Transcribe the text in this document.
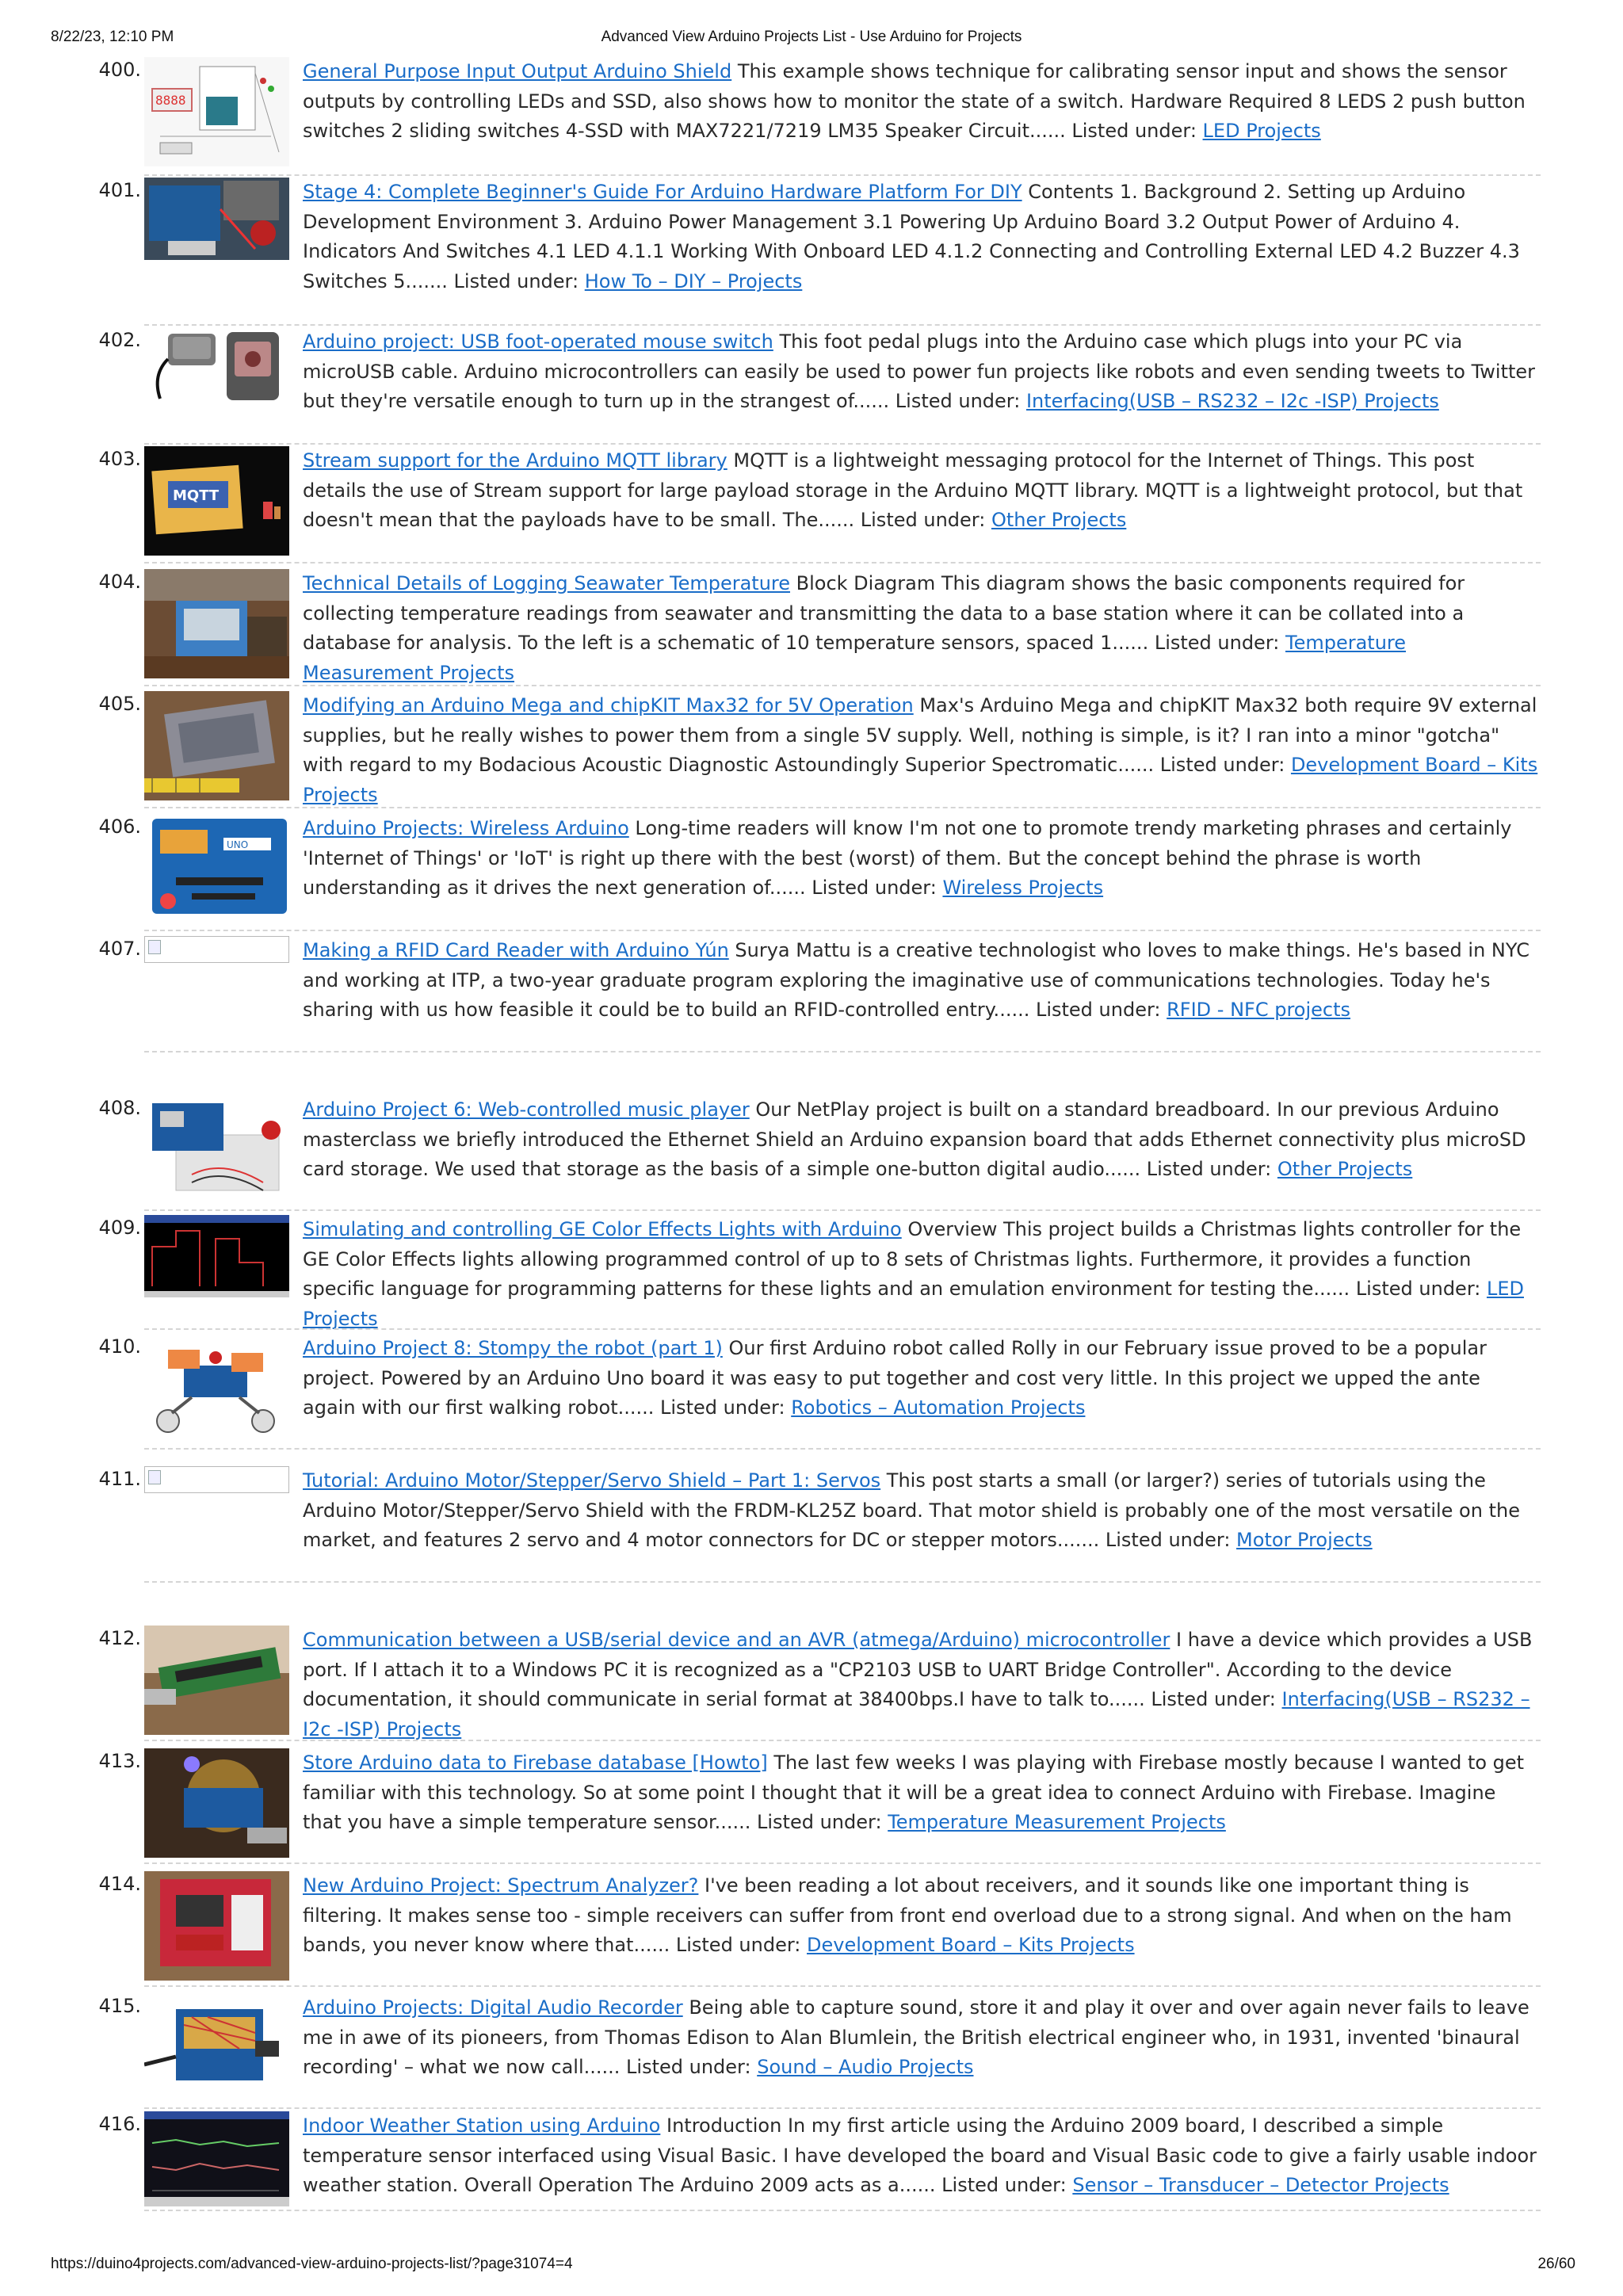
8/22/23, 12:10 PM	Advanced View Arduino Projects List - Use Arduino for Projects
400.
8888
General Purpose Input Output Arduino Shield This example shows technique for calibrating sensor input and shows the sensor outputs by controlling LEDs and SSD, also shows how to monitor the state of a switch. Hardware Required 8 LEDS 2 push button switches 2 sliding switches 4-SSD with MAX7221/7219 LM35 Speaker Circuit...... Listed under: LED Projects
401.	Stage 4: Complete Beginner's Guide For Arduino Hardware Platform For DIY Contents 1. Background 2. Setting up Arduino Development Environment 3. Arduino Power Management 3.1 Powering Up Arduino Board 3.2 Output Power of Arduino 4. Indicators And Switches 4.1 LED 4.1.1 Working With Onboard LED 4.1.2 Connecting and Controlling External LED 4.2 Buzzer 4.3 Switches 5....... Listed under: How To – DIY – Projects
402.	Arduino project: USB foot-operated mouse switch This foot pedal plugs into the Arduino case which plugs into your PC via microUSB cable. Arduino microcontrollers can easily be used to power fun projects like robots and even sending tweets to Twitter but they're versatile enough to turn up in the strangest of...... Listed under: Interfacing(USB – RS232 – I2c -ISP) Projects
403.
MQTT
Stream support for the Arduino MQTT library MQTT is a lightweight messaging protocol for the Internet of Things. This post details the use of Stream support for large payload storage in the Arduino MQTT library. MQTT is a lightweight protocol, but that doesn't mean that the payloads have to be small. The...... Listed under: Other Projects
404.	Technical Details of Logging Seawater Temperature Block Diagram This diagram shows the basic components required for collecting temperature readings from seawater and transmitting the data to a base station where it can be collated into a database for analysis. To the left is a schematic of 10 temperature sensors, spaced 1...... Listed under: Temperature Measurement Projects
405.	Modifying an Arduino Mega and chipKIT Max32 for 5V Operation Max's Arduino Mega and chipKIT Max32 both require 9V external supplies, but he really wishes to power them from a single 5V supply. Well, nothing is simple, is it? I ran into a minor "gotcha" with regard to my Bodacious Acoustic Diagnostic Astoundingly Superior Spectromatic...... Listed under: Development Board – Kits Projects
406.
UNO
Arduino Projects: Wireless Arduino Long-time readers will know I'm not one to promote trendy marketing phrases and certainly 'Internet of Things' or 'IoT' is right up there with the best (worst) of them. But the concept behind the phrase is worth understanding as it drives the next generation of...... Listed under: Wireless Projects
407.	Making a RFID Card Reader with Arduino Yún Surya Mattu is a creative technologist who loves to make things. He's based in NYC and working at ITP, a two-year graduate program exploring the imaginative use of communications technologies. Today he's sharing with us how feasible it could be to build an RFID-controlled entry...... Listed under: RFID - NFC projects
408.	Arduino Project 6: Web-controlled music player Our NetPlay project is built on a standard breadboard. In our previous Arduino masterclass we briefly introduced the Ethernet Shield an Arduino expansion board that adds Ethernet connectivity plus microSD card storage. We used that storage as the basis of a simple one-button digital audio...... Listed under: Other Projects
409.	Simulating and controlling GE Color Effects Lights with Arduino Overview This project builds a Christmas lights controller for the GE Color Effects lights allowing programmed control of up to 8 sets of Christmas lights. Furthermore, it provides a function specific language for programming patterns for these lights and an emulation environment for testing the...... Listed under: LED Projects
410.	Arduino Project 8: Stompy the robot (part 1) Our first Arduino robot called Rolly in our February issue proved to be a popular project. Powered by an Arduino Uno board it was easy to put together and cost very little. In this project we upped the ante again with our first walking robot...... Listed under: Robotics – Automation Projects
411.	Tutorial: Arduino Motor/Stepper/Servo Shield – Part 1: Servos This post starts a small (or larger?) series of tutorials using the Arduino Motor/Stepper/Servo Shield with the FRDM-KL25Z board. That motor shield is probably one of the most versatile on the market, and features 2 servo and 4 motor connectors for DC or stepper motors....... Listed under: Motor Projects
412.	Communication between a USB/serial device and an AVR (atmega/Arduino) microcontroller I have a device which provides a USB port. If I attach it to a Windows PC it is recognized as a "CP2103 USB to UART Bridge Controller". According to the device documentation, it should communicate in serial format at 38400bps.I have to talk to...... Listed under: Interfacing(USB – RS232 – I2c -ISP) Projects
413.	Store Arduino data to Firebase database [Howto] The last few weeks I was playing with Firebase mostly because I wanted to get familiar with this technology. So at some point I thought that it will be a great idea to connect Arduino with Firebase. Imagine that you have a simple temperature sensor...... Listed under: Temperature Measurement Projects
414.	New Arduino Project: Spectrum Analyzer? I've been reading a lot about receivers, and it sounds like one important thing is filtering. It makes sense too - simple receivers can suffer from front end overload due to a strong signal. And when on the ham bands, you never know where that...... Listed under: Development Board – Kits Projects
415.	Arduino Projects: Digital Audio Recorder Being able to capture sound, store it and play it over and over again never fails to leave me in awe of its pioneers, from Thomas Edison to Alan Blumlein, the British electrical engineer who, in 1931, invented 'binaural recording' – what we now call...... Listed under: Sound – Audio Projects
416.	Indoor Weather Station using Arduino Introduction In my first article using the Arduino 2009 board, I described a simple temperature sensor interfaced using Visual Basic. I have developed the board and Visual Basic code to give a fairly usable indoor weather station. Overall Operation The Arduino 2009 acts as a...... Listed under: Sensor – Transducer – Detector Projects
https://duino4projects.com/advanced-view-arduino-projects-list/?page31074=4	26/60
